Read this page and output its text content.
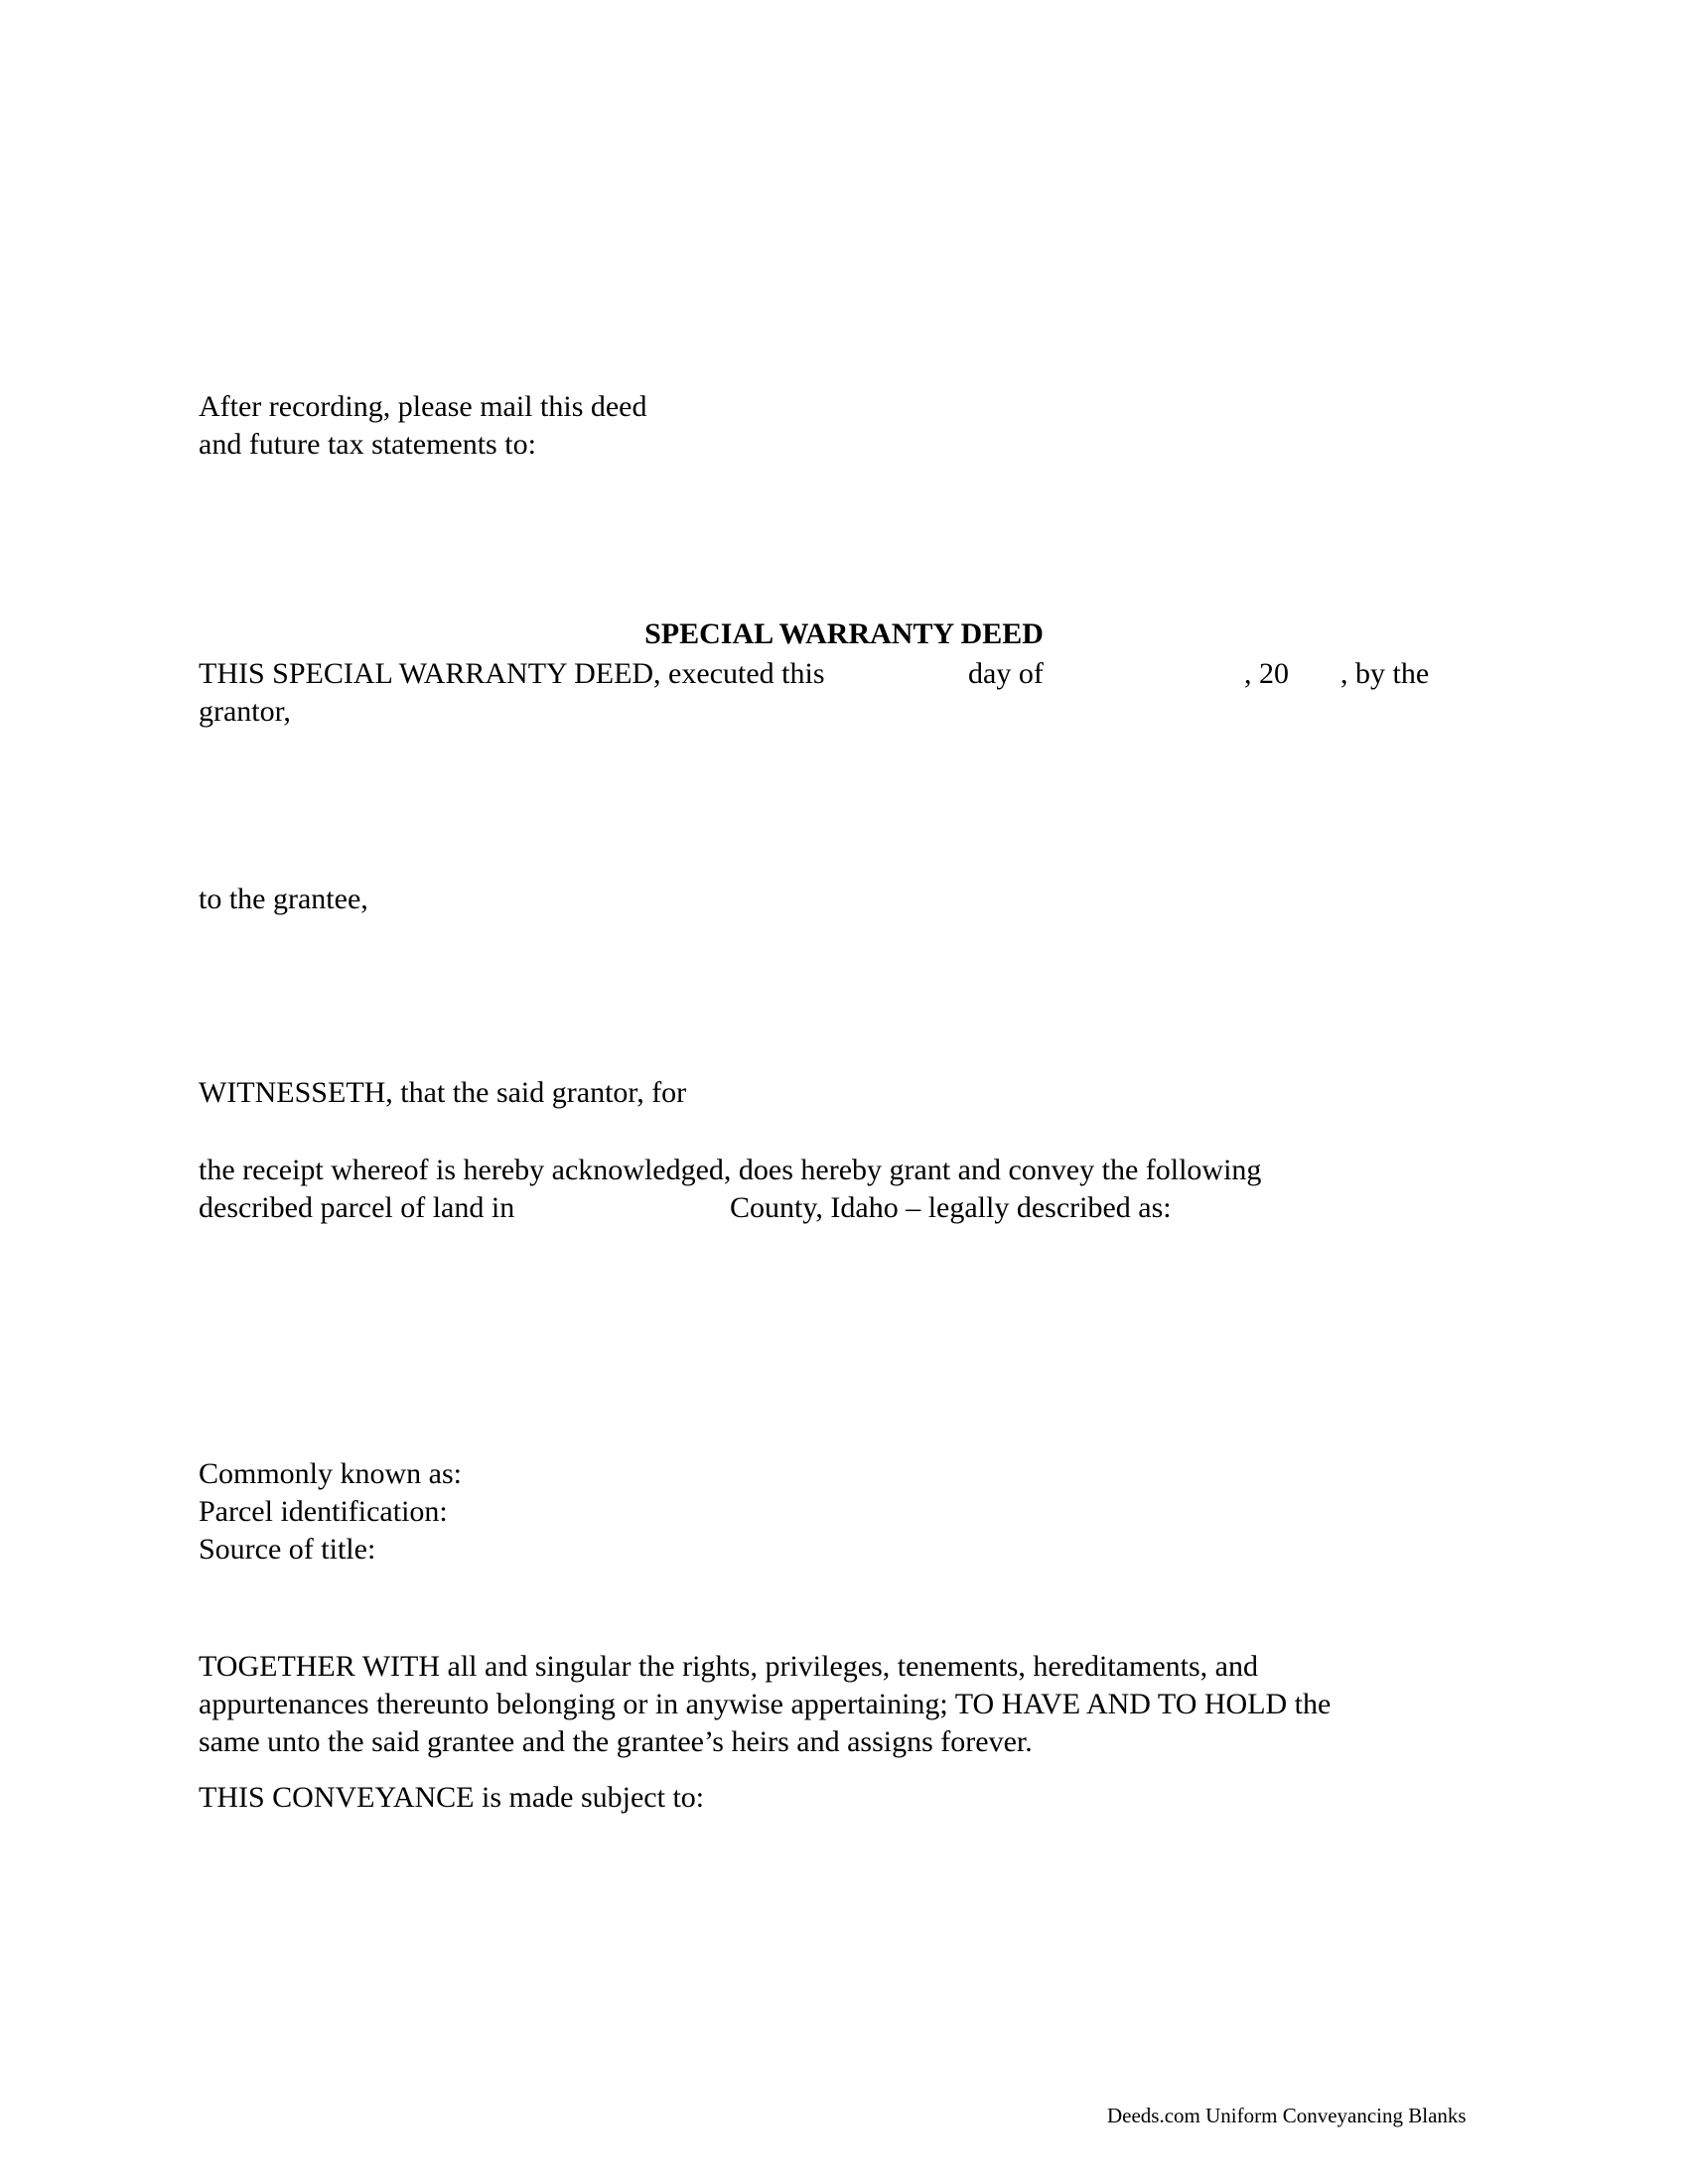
After recording, please mail this deed
and future tax statements to:
SPECIAL WARRANTY DEED
THIS SPECIAL WARRANTY DEED, executed this	day of	, 20 , by the
grantor,
to the grantee,
WITNESSETH, that the said grantor, for
the receipt whereof is hereby acknowledged, does hereby grant and convey the following
described parcel of land in	County, Idaho – legally described as:
Commonly known as:
Parcel identification:
Source of title:
TOGETHER WITH all and singular the rights, privileges, tenements, hereditaments, and
appurtenances thereunto belonging or in anywise appertaining; TO HAVE AND TO HOLD the
same unto the said grantee and the grantee’s heirs and assigns forever.
THIS CONVEYANCE is made subject to:
Deeds.com Uniform Conveyancing Blanks
